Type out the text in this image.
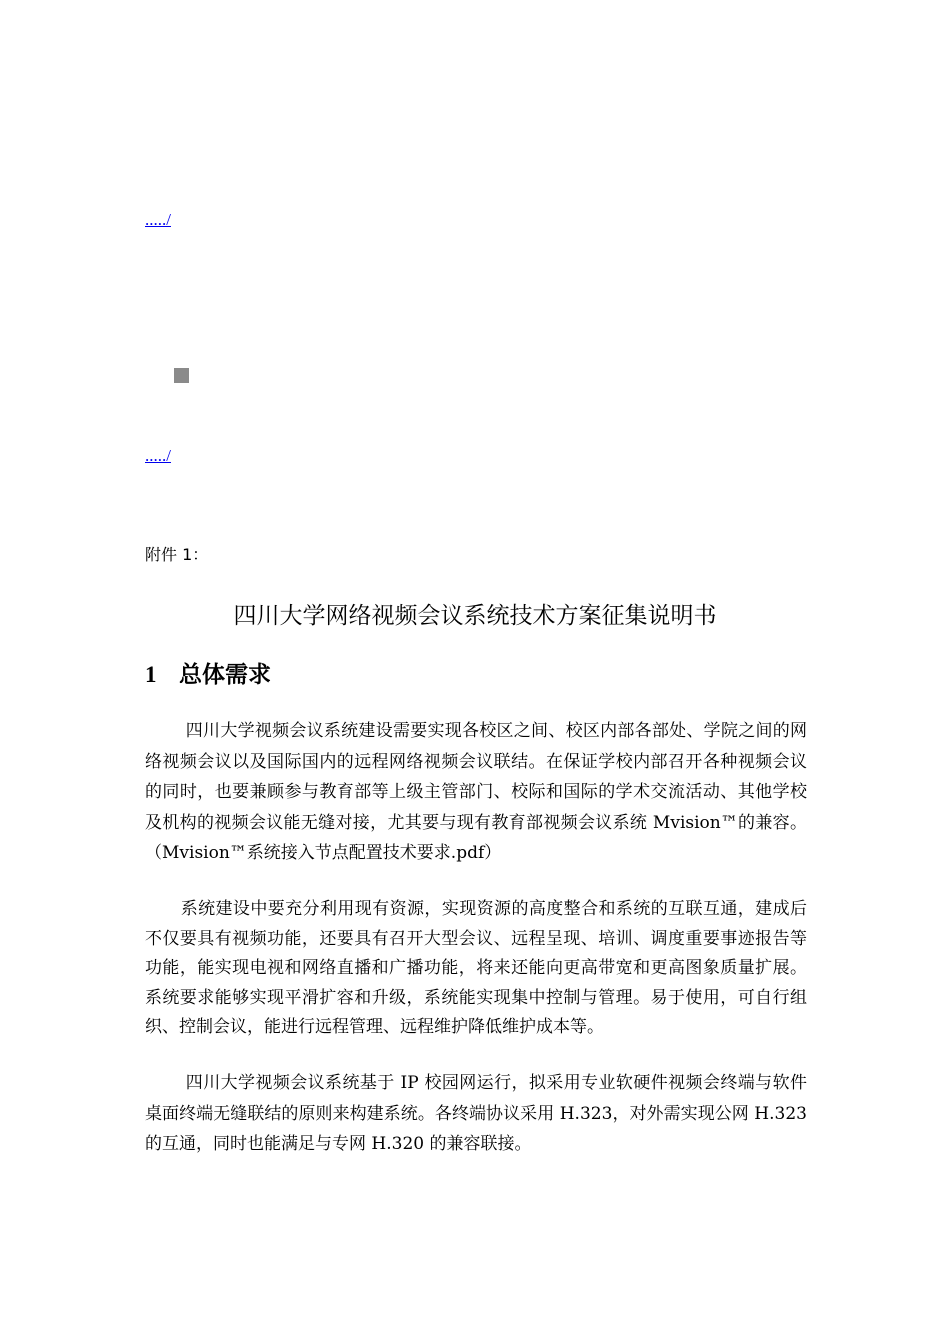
...../
...../
附件 1：
四川大学网络视频会议系统技术方案征集说明书
1 总体需求

四川大学视频会议系统建设需要实现各校区之间、校区内部各部处、学院之间的网络视频会议以及国际国内的远程网络视频会议联结。在保证学校内部召开各种视频会议的同时，也要兼顾参与教育部等上级主管部门、校际和国际的学术交流活动、其他学校及机构的视频会议能无缝对接，尤其要与现有教育部视频会议系统 Mvision™的兼容。（Mvision™系统接入节点配置技术要求.pdf）

系统建设中要充分利用现有资源，实现资源的高度整合和系统的互联互通，建成后不仅要具有视频功能，还要具有召开大型会议、远程呈现、培训、调度重要事迹报告等功能，能实现电视和网络直播和广播功能，将来还能向更高带宽和更高图象质量扩展。系统要求能够实现平滑扩容和升级，系统能实现集中控制与管理。易于使用，可自行组织、控制会议，能进行远程管理、远程维护降低维护成本等。

四川大学视频会议系统基于 IP 校园网运行，拟采用专业软硬件视频会终端与软件桌面终端无缝联结的原则来构建系统。各终端协议采用 H.323，对外需实现公网 H.323 的互通，同时也能满足与专网 H.320 的兼容联接。
